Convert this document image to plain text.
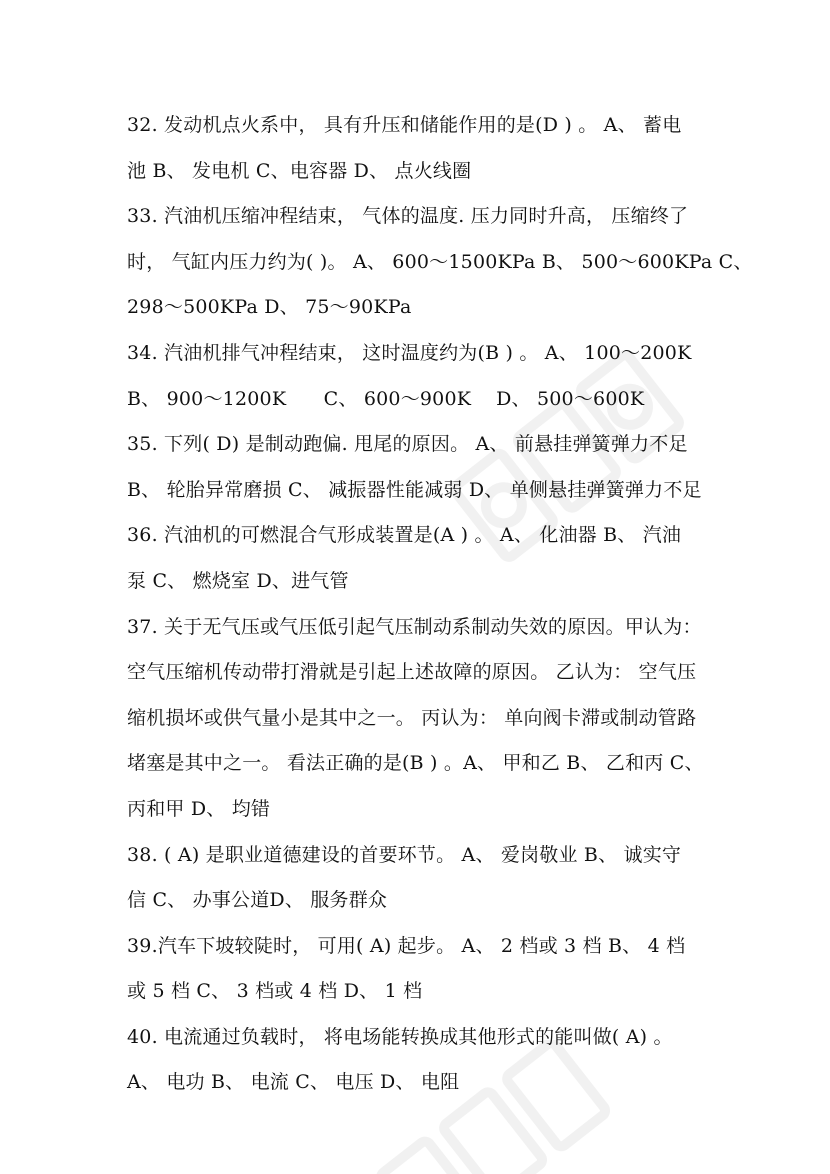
32. 发动机点火系中， 具有升压和储能作用的是(D ) 。 A、 蓄电
池 B、 发电机 C、电容器 D、 点火线圈
33. 汽油机压缩冲程结束， 气体的温度. 压力同时升高， 压缩终了
时， 气缸内压力约为( )。 A、 600～1500KPa B、 500～600KPa C、
298～500KPa D、 75～90KPa
34. 汽油机排气冲程结束， 这时温度约为(B ) 。 A、 100～200K
B、 900～1200K      C、 600～900K    D、 500～600K
35. 下列( D) 是制动跑偏. 甩尾的原因。 A、 前悬挂弹簧弹力不足
B、 轮胎异常磨损 C、 减振器性能减弱 D、 单侧悬挂弹簧弹力不足
36. 汽油机的可燃混合气形成装置是(A ) 。 A、 化油器 B、 汽油
泵 C、 燃烧室 D、进气管
37. 关于无气压或气压低引起气压制动系制动失效的原因。甲认为：
空气压缩机传动带打滑就是引起上述故障的原因。 乙认为： 空气压
缩机损坏或供气量小是其中之一。 丙认为： 单向阀卡滞或制动管路
堵塞是其中之一。 看法正确的是(B ) 。A、 甲和乙 B、 乙和丙 C、
丙和甲 D、 均错
38. ( A) 是职业道德建设的首要环节。 A、 爱岗敬业 B、 诚实守
信 C、 办事公道D、 服务群众
39.汽车下坡较陡时， 可用( A) 起步。 A、 2 档或 3 档 B、 4 档
或 5 档 C、 3 档或 4 档 D、 1 档
40. 电流通过负载时， 将电场能转换成其他形式的能叫做( A) 。
A、 电功 B、 电流 C、 电压 D、 电阻
